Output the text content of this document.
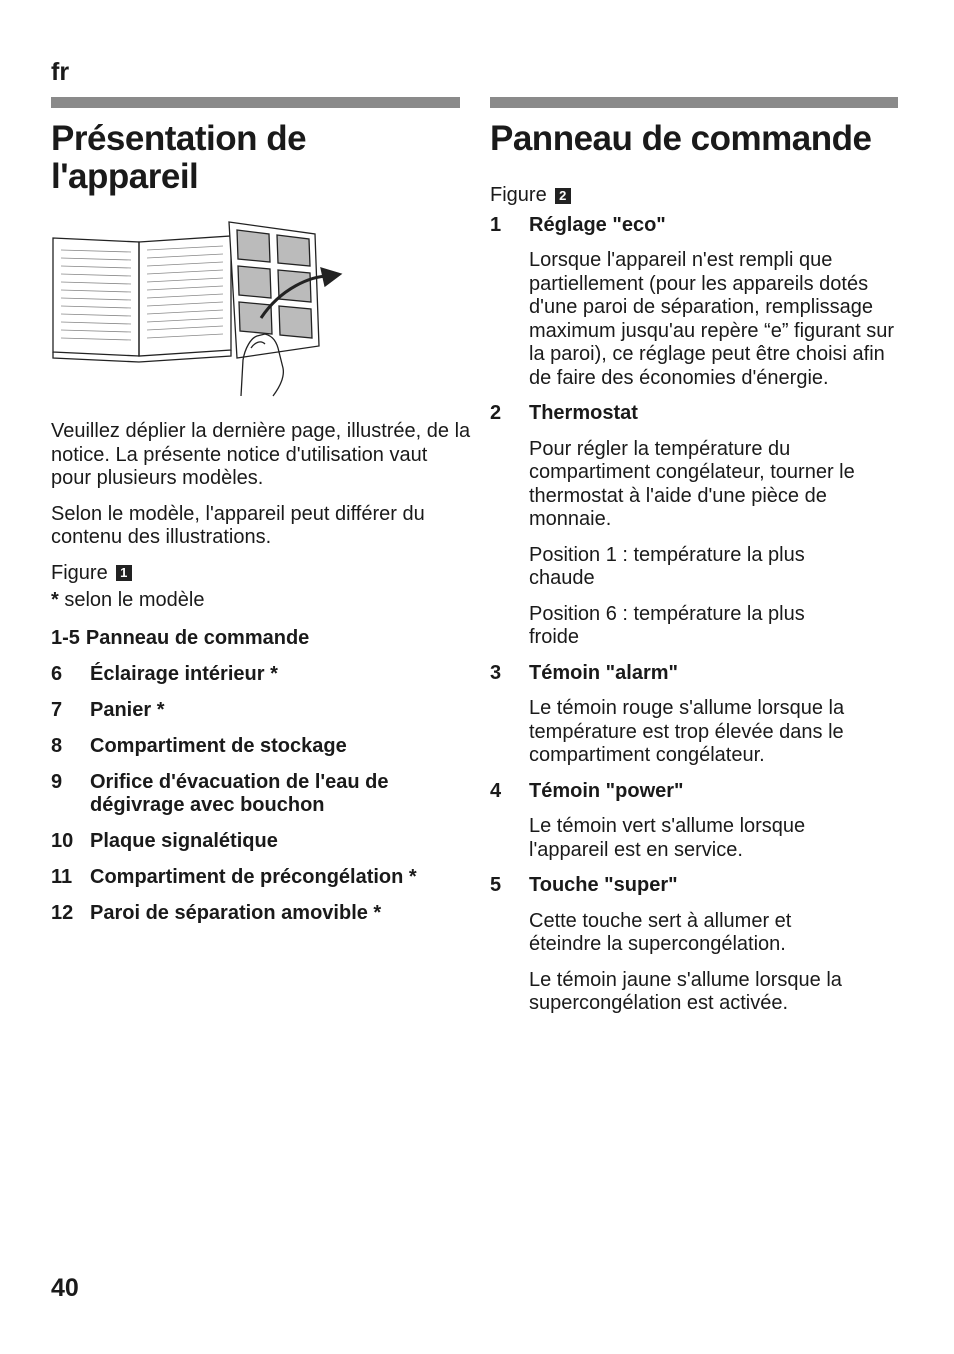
fr
Présentation de l'appareil
Panneau de commande

Veuillez déplier la dernière page, illustrée, de la notice. La présente notice d'utilisation vaut pour plusieurs modèles.

Selon le modèle, l'appareil peut différer du contenu des illustrations.

Figure 1

* selon le modèle

1-5 Panneau de commande
6	Éclairage intérieur *
7	Panier *
8	Compartiment de stockage
9	Orifice d'évacuation de l'eau de dégivrage avec bouchon
10 Plaque signalétique
11 Compartiment de précongélation *
12 Paroi de séparation amovible *

Figure 2

1	Réglage "eco"

Lorsque l'appareil n'est rempli que partiellement (pour les appareils dotés d'une paroi de séparation, remplissage maximum jusqu'au repère “e” figurant sur la paroi), ce réglage peut être choisi afin de faire des économies d'énergie.

2	Thermostat

Pour régler la température du compartiment congélateur, tourner le thermostat à l'aide d'une pièce de monnaie.

Position 1 : température la plus chaude

Position 6 : température la plus froide

3	Témoin "alarm"

Le témoin rouge s'allume lorsque la température est trop élevée dans le compartiment congélateur.

4	Témoin "power"

Le témoin vert s'allume lorsque l'appareil est en service.

5	Touche "super"

Cette touche sert à allumer et éteindre la supercongélation.

Le témoin jaune s'allume lorsque la supercongélation est activée.

40
